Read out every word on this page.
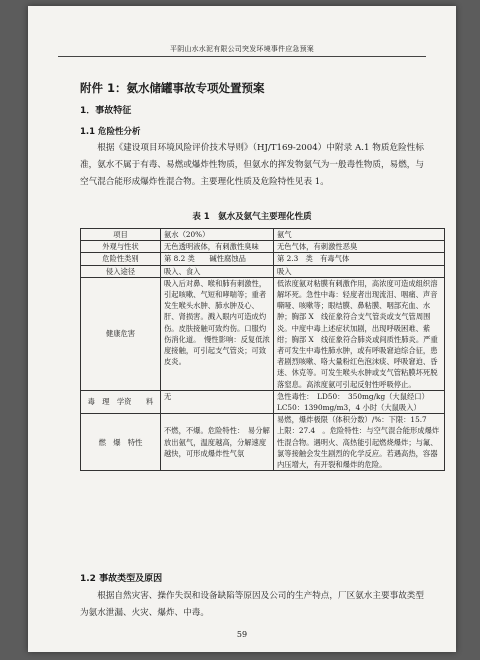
平阴山水水泥有限公司突发环境事件应急预案
附件 1：氨水储罐事故专项处置预案
1．事故特征
1.1 危险性分析
根据《建设项目环境风险评价技术导则》（HJ/T169-2004）中附录 A.1 物质危险性标准，氨水不属于有毒、易燃或爆炸性物质，但氨水的挥发物氨气为一般毒性物质，易燃，与空气混合能形成爆炸性混合物。主要理化性质及危险特性见表 1。
表 1　氨水及氨气主要理化性质
项目	氨水（20%）	氨气
外观与性状	无色透明液体，有刺激性臭味	无色气体，有刺激性恶臭
危险性类别	第 8.2 类　　碱性腐蚀品	第 2.3　类　有毒气体
侵入途径	吸入、食入	吸入
健康危害	吸入后对鼻、喉和肺有刺激性，引起咳嗽、气短和哮喘等；重者发生喉头水肿、肺水肿及心、肝、肾损害。溅入眼内可造成灼伤。皮肤接触可致灼伤。口服灼伤消化道。　慢性影响：反复低浓度接触，可引起支气管炎；可致皮炎。	低浓度氨对粘膜有刺激作用，高浓度可造成组织溶解坏死。急性中毒：轻度者出现流泪、咽痛、声音嘶哑、咳嗽等；眼结膜、鼻粘膜、咽部充血、水肿；胸部 X　线征象符合支气管炎或支气管周围炎。中度中毒上述症状加剧，出现呼吸困难、紫绀；胸部 X　线征象符合肺炎或间质性肺炎。严重者可发生中毒性肺水肿，或有呼吸窘迫综合征，患者剧烈咳嗽、咯大量粉红色泡沫痰、呼吸窘迫、昏迷、休克等。可发生喉头水肿或支气管粘膜坏死脱落窒息。高浓度氨可引起反射性呼吸停止。
毒　理　学资　　料	无	急性毒性：　LD50：　350mg/kg（大鼠经口）　LC50：1390mg/m3，4 小时（大鼠吸入）
燃　爆　特性	不燃，不爆。危险特性：　易分解放出氨气，温度越高，分解速度越快，可形成爆炸性气氛	易燃，爆炸极限（体积分数）/%：下限：15.7　上限：27.4　。危险特性：与空气混合能形成爆炸性混合物。遇明火、高热能引起燃烧爆炸；与氟、氯等接触会发生剧烈的化学反应。若遇高热，容器内压增大，有开裂和爆炸的危险。
1.2 事故类型及原因
根据自然灾害、操作失误和设备缺陷等原因及公司的生产特点，厂区氨水主要事故类型为氨水泄漏、火灾、爆炸、中毒。
59
